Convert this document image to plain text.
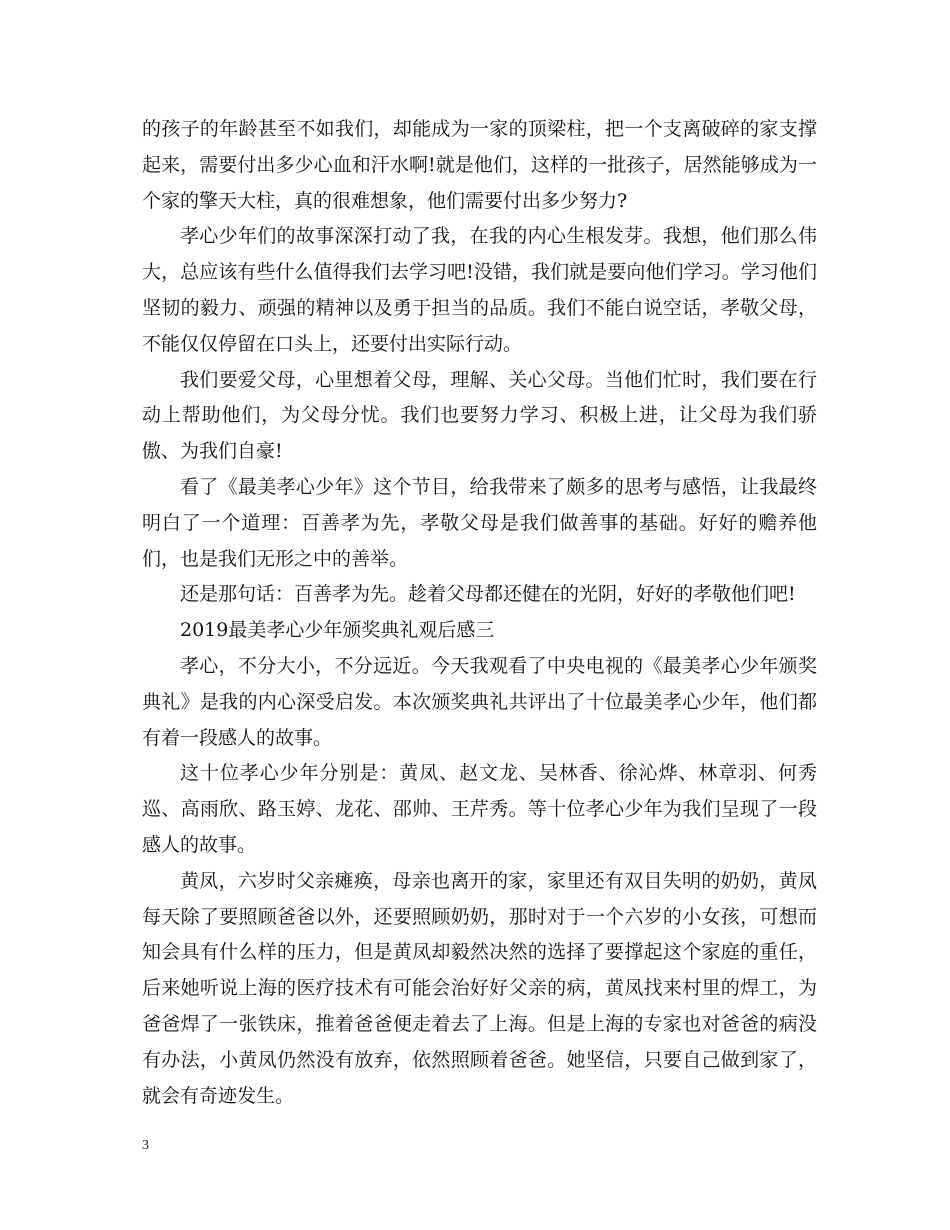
的孩子的年龄甚至不如我们，却能成为一家的顶梁柱，把一个支离破碎的家支撑起来，需要付出多少心血和汗水啊!就是他们，这样的一批孩子，居然能够成为一个家的擎天大柱，真的很难想象，他们需要付出多少努力?

孝心少年们的故事深深打动了我，在我的内心生根发芽。我想，他们那么伟大，总应该有些什么值得我们去学习吧!没错，我们就是要向他们学习。学习他们坚韧的毅力、顽强的精神以及勇于担当的品质。我们不能白说空话，孝敬父母，不能仅仅停留在口头上，还要付出实际行动。

我们要爱父母，心里想着父母，理解、关心父母。当他们忙时，我们要在行动上帮助他们，为父母分忧。我们也要努力学习、积极上进，让父母为我们骄傲、为我们自豪!

看了《最美孝心少年》这个节目，给我带来了颇多的思考与感悟，让我最终明白了一个道理：百善孝为先，孝敬父母是我们做善事的基础。好好的赡养他们，也是我们无形之中的善举。

还是那句话：百善孝为先。趁着父母都还健在的光阴，好好的孝敬他们吧!

2019最美孝心少年颁奖典礼观后感三

孝心，不分大小，不分远近。今天我观看了中央电视的《最美孝心少年颁奖典礼》是我的内心深受启发。本次颁奖典礼共评出了十位最美孝心少年，他们都有着一段感人的故事。

这十位孝心少年分别是：黄凤、赵文龙、吴林香、徐沁烨、林章羽、何秀巡、高雨欣、路玉婷、龙花、邵帅、王芹秀。等十位孝心少年为我们呈现了一段感人的故事。

黄凤，六岁时父亲瘫痪，母亲也离开的家，家里还有双目失明的奶奶，黄凤每天除了要照顾爸爸以外，还要照顾奶奶，那时对于一个六岁的小女孩，可想而知会具有什么样的压力，但是黄凤却毅然决然的选择了要撑起这个家庭的重任，后来她听说上海的医疗技术有可能会治好好父亲的病，黄凤找来村里的焊工，为爸爸焊了一张铁床，推着爸爸便走着去了上海。但是上海的专家也对爸爸的病没有办法，小黄凤仍然没有放弃，依然照顾着爸爸。她坚信，只要自己做到家了，就会有奇迹发生。

3
